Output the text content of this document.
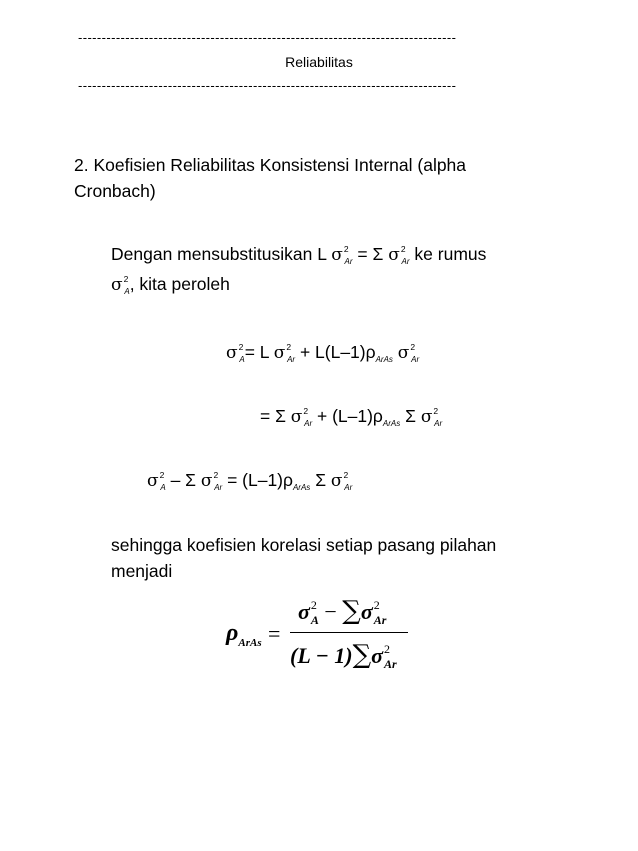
--------------------------------------------------------------------------------
Reliabilitas
--------------------------------------------------------------------------------
2. Koefisien Reliabilitas Konsistensi Internal (alpha
Cronbach)
Dengan mensubstitusikan L $\sigma^2_{Ar} = \Sigma$ $\sigma^2_{Ar}$ ke rumus
$\sigma^2_A$, kita peroleh
$\sigma^2_A= L$ $\sigma^2_{Ar} + L(L-1)\rho_{ArAs}$ $\sigma^2_{Ar}$
= Σ $\sigma^2_{Ar} + (L-1)\rho_{ArAs}$ Σ $\sigma^2_{Ar}$
$\sigma^2_A$ – Σ $\sigma^2_{Ar} = (L-1)\rho_{ArAs}$ Σ $\sigma^2_{Ar}$
sehingga koefisien korelasi setiap pasang pilahan
menjadi
$\rho_{ArAs}$ =
$\sigma^2_A - \sum\sigma^2_{Ar}$
$(L - 1)\sum\sigma^2_{Ar}$
